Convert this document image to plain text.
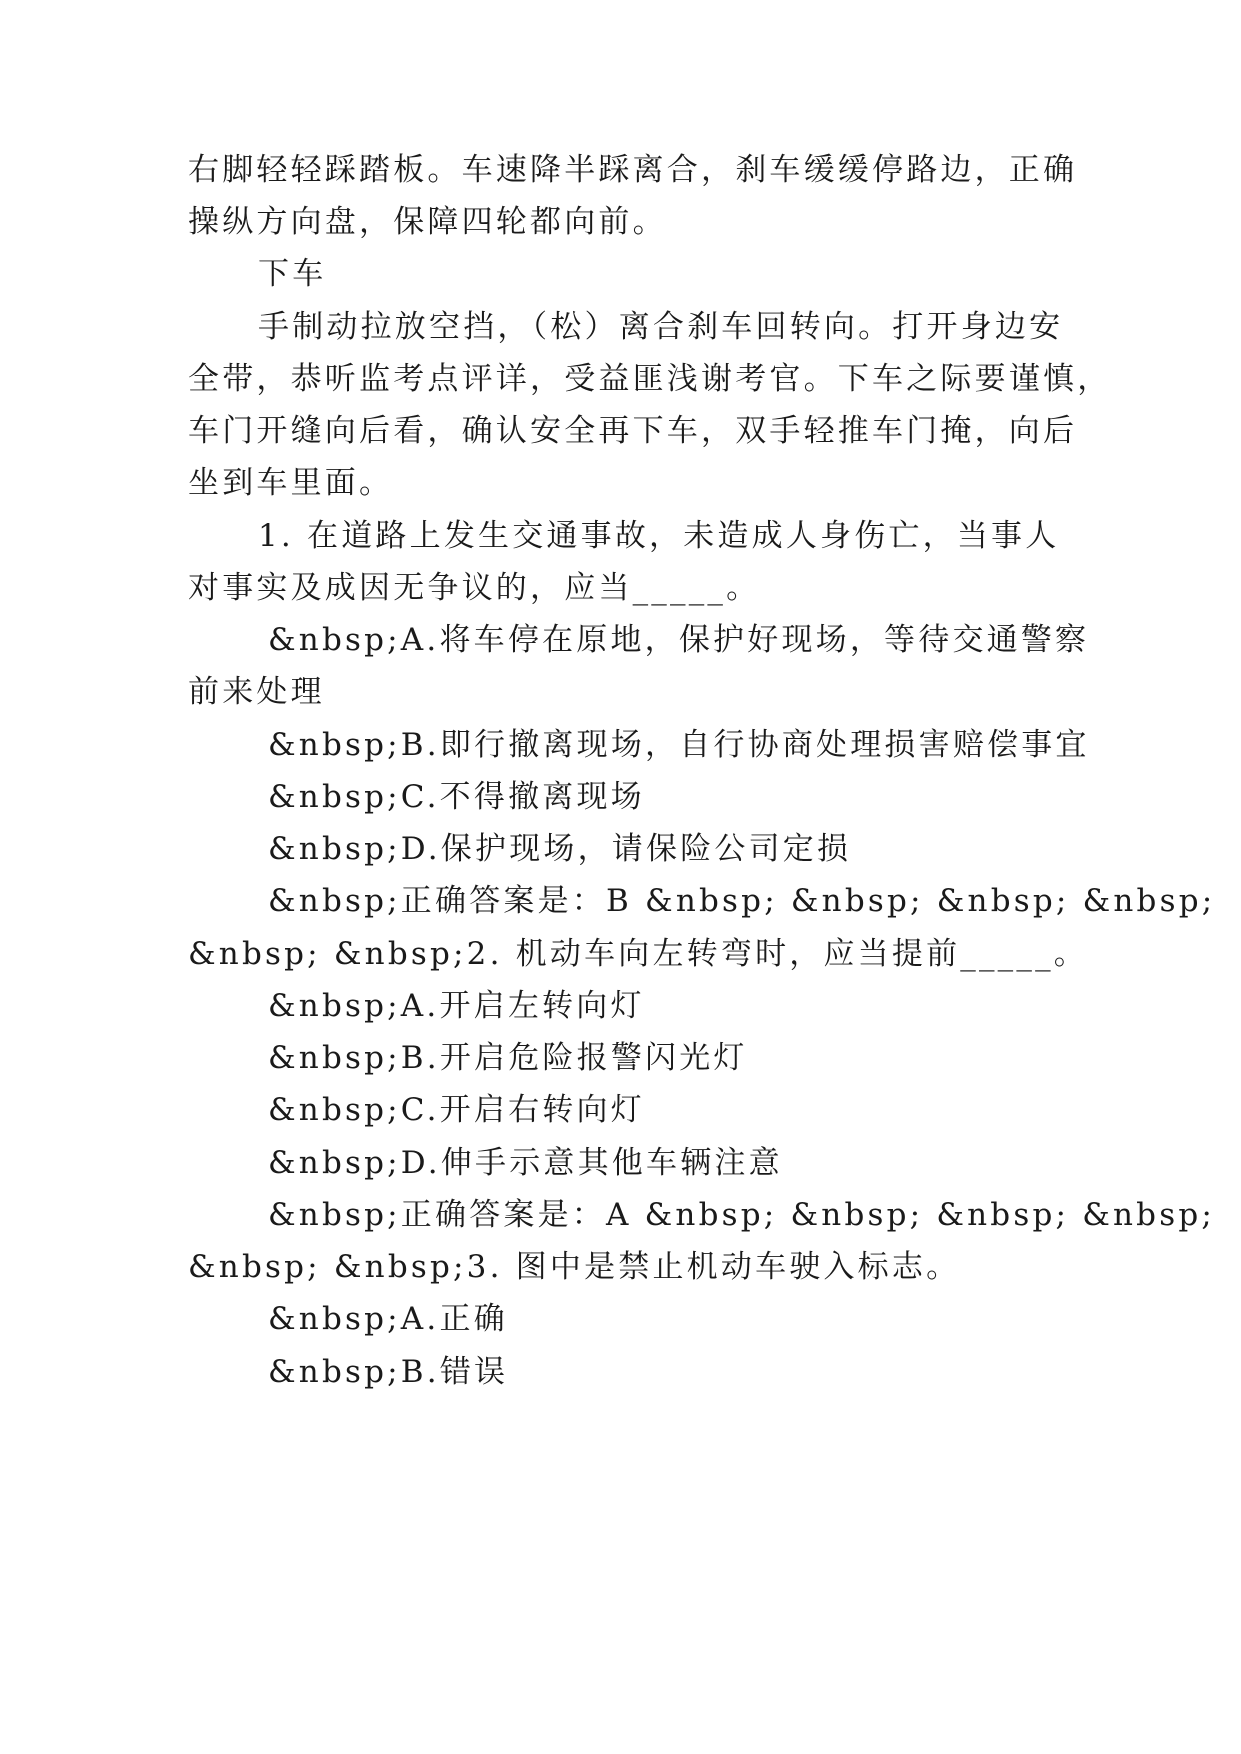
右脚轻轻踩踏板。车速降半踩离合，刹车缓缓停路边，正确
操纵方向盘，保障四轮都向前。
下车
手制动拉放空挡，（松）离合刹车回转向。打开身边安
全带，恭听监考点评详，受益匪浅谢考官。下车之际要谨慎，
车门开缝向后看，确认安全再下车，双手轻推车门掩，向后
坐到车里面。
1. 在道路上发生交通事故，未造成人身伤亡，当事人
对事实及成因无争议的，应当_____。
&nbsp;A.将车停在原地，保护好现场，等待交通警察
前来处理
&nbsp;B.即行撤离现场，自行协商处理损害赔偿事宜
&nbsp;C.不得撤离现场
&nbsp;D.保护现场，请保险公司定损
&nbsp;正确答案是：B &nbsp; &nbsp; &nbsp; &nbsp;
&nbsp; &nbsp;2. 机动车向左转弯时，应当提前_____。
&nbsp;A.开启左转向灯
&nbsp;B.开启危险报警闪光灯
&nbsp;C.开启右转向灯
&nbsp;D.伸手示意其他车辆注意
&nbsp;正确答案是：A &nbsp; &nbsp; &nbsp; &nbsp;
&nbsp; &nbsp;3. 图中是禁止机动车驶入标志。
&nbsp;A.正确
&nbsp;B.错误
